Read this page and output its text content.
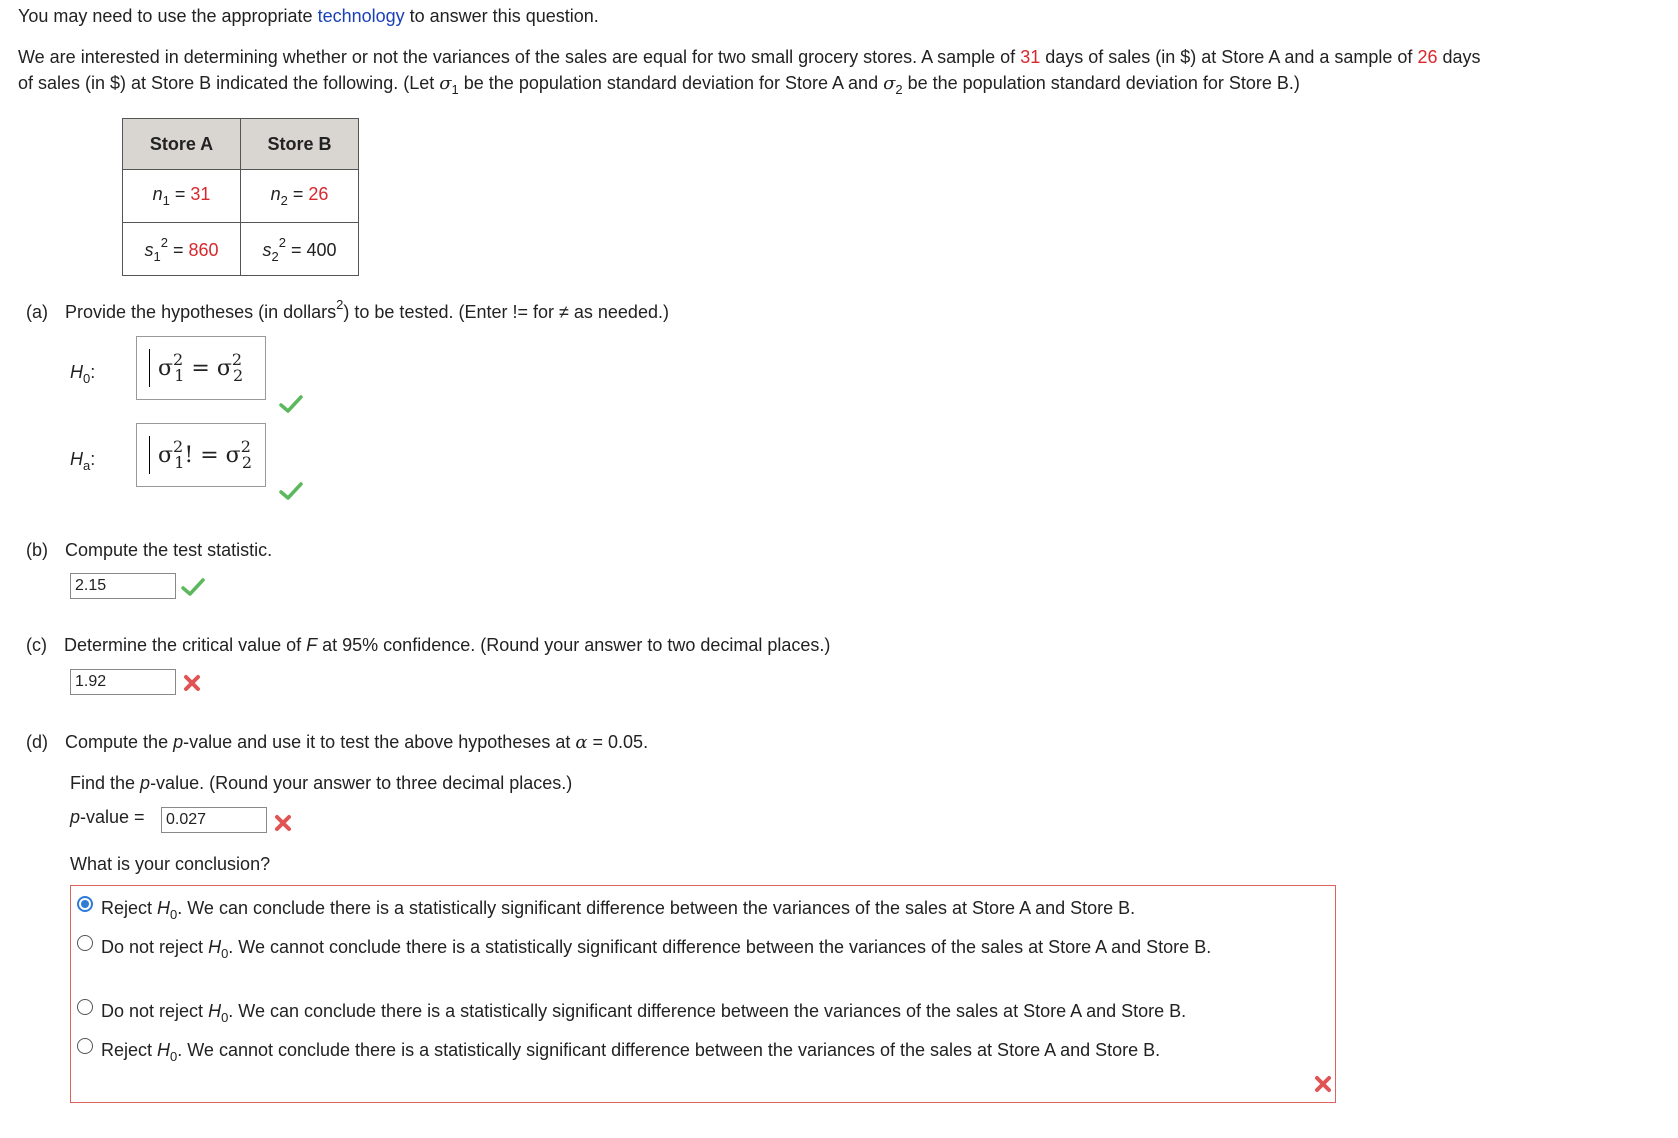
You may need to use the appropriate technology to answer this question.
We are interested in determining whether or not the variances of the sales are equal for two small grocery stores. A sample of 31 days of sales (in $) at Store A and a sample of 26 days
of sales (in $) at Store B indicated the following. (Let $\sigma_1$ be the population standard deviation for Store A and $\sigma_2$ be the population standard deviation for Store B.)
Store A	Store B
$n_1 = 31$	$n_2 = 26$
$s_1^2 = 860$	$s_2^2 = 400$
(a) Provide the hypotheses (in dollars$^2$) to be tested. (Enter != for ≠ as needed.)
$H_0$:	$\sigma^2_1 = \sigma^2_2$
$H_a$:	$\sigma^2_1$! = $\sigma^2_2$
(b) Compute the test statistic.
2.15
(c) Determine the critical value of F at 95% confidence. (Round your answer to two decimal places.)
1.92
(d) Compute the p-value and use it to test the above hypotheses at α = 0.05.
Find the p-value. (Round your answer to three decimal places.)
p-value =	0.027
What is your conclusion?
Reject $H_0$. We can conclude there is a statistically significant difference between the variances of the sales at Store A and Store B.
Do not reject $H_0$. We cannot conclude there is a statistically significant difference between the variances of the sales at Store A and Store B.
Do not reject $H_0$. We can conclude there is a statistically significant difference between the variances of the sales at Store A and Store B.
Reject $H_0$. We cannot conclude there is a statistically significant difference between the variances of the sales at Store A and Store B.
